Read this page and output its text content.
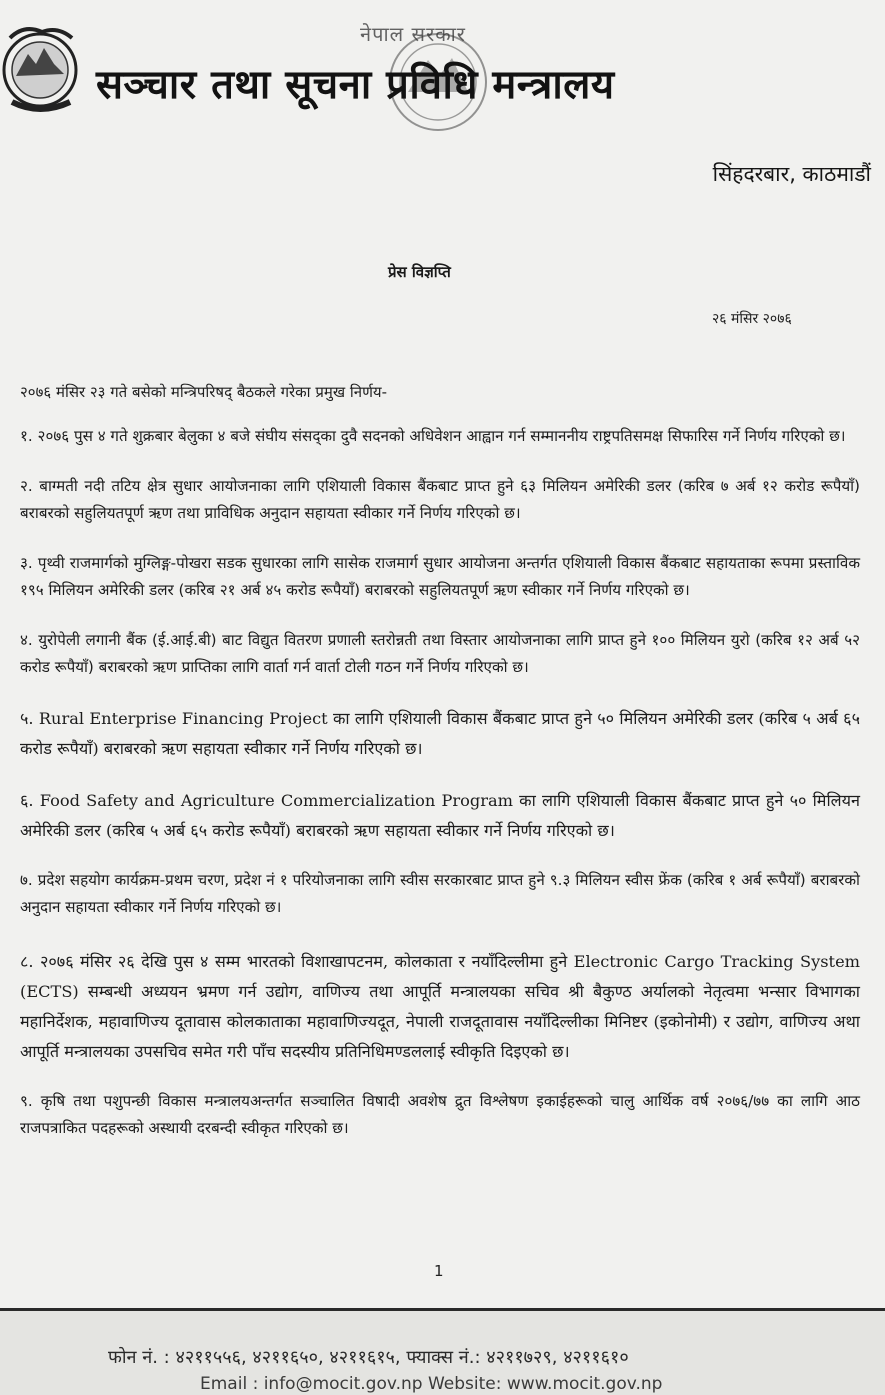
नेपाल सरकार
सञ्चार तथा सूचना प्रविधि मन्त्रालय
सिंहदरबार, काठमाडौं
प्रेस विज्ञप्ति
२६ मंसिर २०७६
२०७६ मंसिर २३ गते बसेको मन्त्रिपरिषद् बैठकले गरेका प्रमुख निर्णय-
१. २०७६ पुस ४ गते शुक्रबार बेलुका ४ बजे संघीय संसद्का दुवै सदनको अधिवेशन आह्वान गर्न सम्माननीय राष्ट्रपतिसमक्ष सिफारिस गर्ने निर्णय गरिएको छ।
२. बाग्मती नदी तटिय क्षेत्र सुधार आयोजनाका लागि एशियाली विकास बैंकबाट प्राप्त हुने ६३ मिलियन अमेरिकी डलर (करिब ७ अर्ब १२ करोड रूपैयाँ) बराबरको सहुलियतपूर्ण ऋण तथा प्राविधिक अनुदान सहायता स्वीकार गर्ने निर्णय गरिएको छ।
३. पृथ्वी राजमार्गको मुग्लिङ्ग-पोखरा सडक सुधारका लागि सासेक राजमार्ग सुधार आयोजना अन्तर्गत एशियाली विकास बैंकबाट सहायताका रूपमा प्रस्ताविक १९५ मिलियन अमेरिकी डलर (करिब २१ अर्ब ४५ करोड रूपैयाँ) बराबरको सहुलियतपूर्ण ऋण स्वीकार गर्ने निर्णय गरिएको छ।
४. युरोपेली लगानी बैंक (ई.आई.बी) बाट विद्युत वितरण प्रणाली स्तरोन्नती तथा विस्तार आयोजनाका लागि प्राप्त हुने १०० मिलियन युरो (करिब १२ अर्ब ५२ करोड रूपैयाँ) बराबरको ऋण प्राप्तिका लागि वार्ता गर्न वार्ता टोली गठन गर्ने निर्णय गरिएको छ।
५. Rural Enterprise Financing Project का लागि एशियाली विकास बैंकबाट प्राप्त हुने ५० मिलियन अमेरिकी डलर (करिब ५ अर्ब ६५ करोड रूपैयाँ) बराबरको ऋण सहायता स्वीकार गर्ने निर्णय गरिएको छ।
६. Food Safety and Agriculture Commercialization Program का लागि एशियाली विकास बैंकबाट प्राप्त हुने ५० मिलियन अमेरिकी डलर (करिब ५ अर्ब ६५ करोड रूपैयाँ) बराबरको ऋण सहायता स्वीकार गर्ने निर्णय गरिएको छ।
७. प्रदेश सहयोग कार्यक्रम-प्रथम चरण, प्रदेश नं १ परियोजनाका लागि स्वीस सरकारबाट प्राप्त हुने ९.३ मिलियन स्वीस फ्रेंक (करिब १ अर्ब रूपैयाँ) बराबरको अनुदान सहायता स्वीकार गर्ने निर्णय गरिएको छ।
८. २०७६ मंसिर २६ देखि पुस ४ सम्म भारतको विशाखापटनम, कोलकाता र नयाँदिल्लीमा हुने Electronic Cargo Tracking System (ECTS) सम्बन्धी अध्ययन भ्रमण गर्न उद्योग, वाणिज्य तथा आपूर्ति मन्त्रालयका सचिव श्री बैकुण्ठ अर्यालको नेतृत्वमा भन्सार विभागका महानिर्देशक, महावाणिज्य दूतावास कोलकाताका महावाणिज्यदूत, नेपाली राजदूतावास नयाँदिल्लीका मिनिष्टर (इकोनोमी) र उद्योग, वाणिज्य अथा आपूर्ति मन्त्रालयका उपसचिव समेत गरी पाँच सदस्यीय प्रतिनिधिमण्डललाई स्वीकृति दिइएको छ।
९. कृषि तथा पशुपन्छी विकास मन्त्रालयअन्तर्गत सञ्चालित विषादी अवशेष द्रुत विश्लेषण इकाईहरूको चालु आर्थिक वर्ष २०७६/७७ का लागि आठ राजपत्राकित पदहरूको अस्थायी दरबन्दी स्वीकृत गरिएको छ।
1
फोन नं. : ४२११५५६, ४२११६५०, ४२११६१५, फ्याक्स नं.: ४२११७२९, ४२११६१०
Email : info@mocit.gov.np Website: www.mocit.gov.np
